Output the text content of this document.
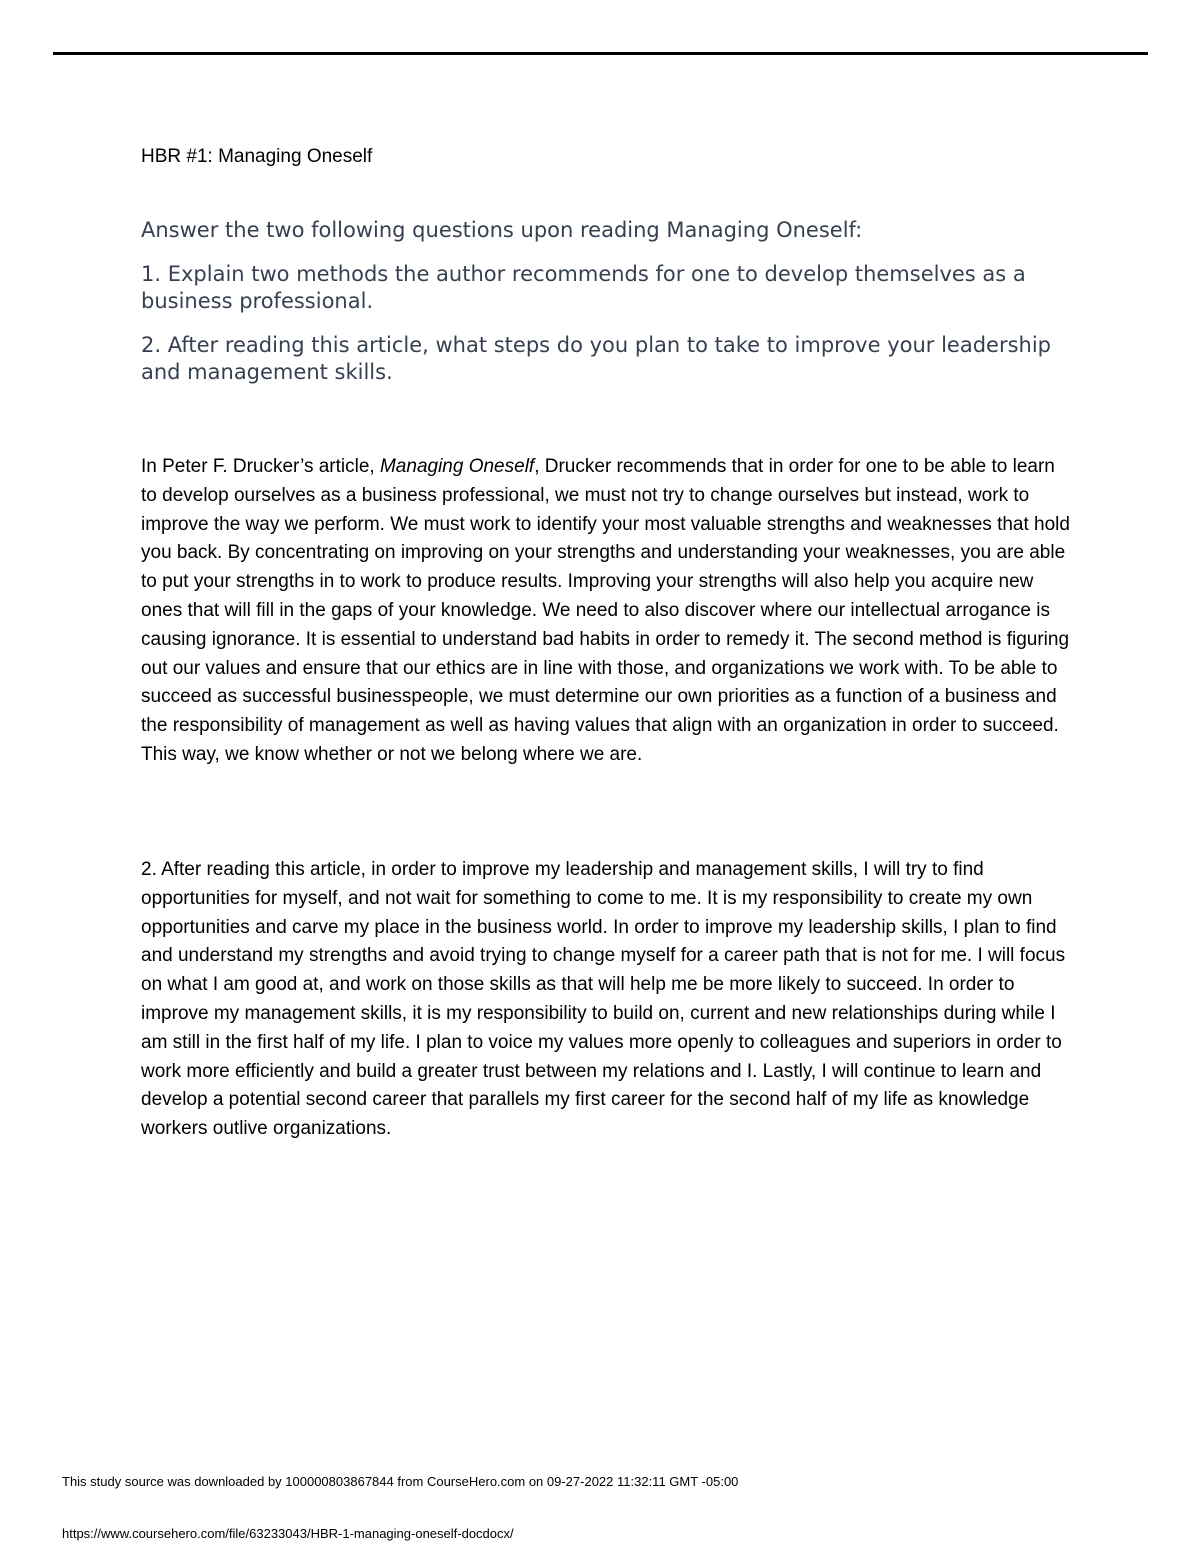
HBR #1: Managing Oneself

Answer the two following questions upon reading Managing Oneself:

1. Explain two methods the author recommends for one to develop themselves as a business professional.

2. After reading this article, what steps do you plan to take to improve your leadership and management skills.

In Peter F. Drucker’s article, Managing Oneself, Drucker recommends that in order for one to be able to learn to develop ourselves as a business professional, we must not try to change ourselves but instead, work to improve the way we perform. We must work to identify your most valuable strengths and weaknesses that hold you back. By concentrating on improving on your strengths and understanding your weaknesses, you are able to put your strengths in to work to produce results. Improving your strengths will also help you acquire new ones that will fill in the gaps of your knowledge. We need to also discover where our intellectual arrogance is causing ignorance. It is essential to understand bad habits in order to remedy it. The second method is figuring out our values and ensure that our ethics are in line with those, and organizations we work with. To be able to succeed as successful businesspeople, we must determine our own priorities as a function of a business and the responsibility of management as well as having values that align with an organization in order to succeed. This way, we know whether or not we belong where we are.

2. After reading this article, in order to improve my leadership and management skills, I will try to find opportunities for myself, and not wait for something to come to me. It is my responsibility to create my own opportunities and carve my place in the business world. In order to improve my leadership skills, I plan to find and understand my strengths and avoid trying to change myself for a career path that is not for me. I will focus on what I am good at, and work on those skills as that will help me be more likely to succeed. In order to improve my management skills, it is my responsibility to build on, current and new relationships during while I am still in the first half of my life. I plan to voice my values more openly to colleagues and superiors in order to work more efficiently and build a greater trust between my relations and I. Lastly, I will continue to learn and develop a potential second career that parallels my first career for the second half of my life as knowledge workers outlive organizations.

This study source was downloaded by 100000803867844 from CourseHero.com on 09-27-2022 11:32:11 GMT -05:00
https://www.coursehero.com/file/63233043/HBR-1-managing-oneself-docdocx/
